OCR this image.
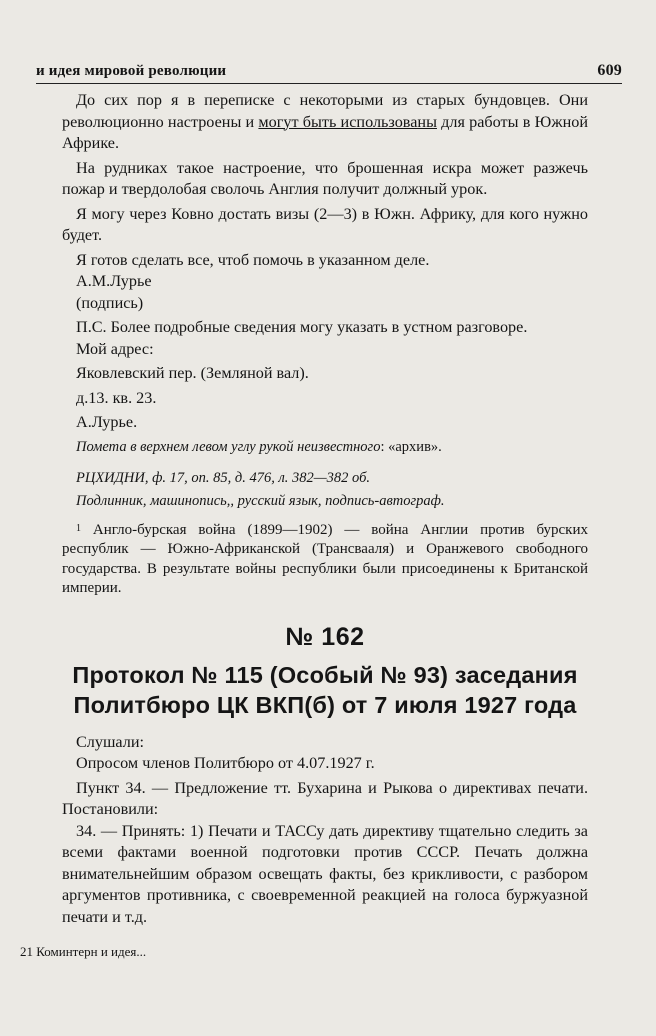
и идея мировой революции	609

До сих пор я в переписке с некоторыми из старых бундовцев. Они революционно настроены и могут быть использованы для работы в Южной Африке.

На рудниках такое настроение, что брошенная искра может разжечь пожар и твердолобая сволочь Англия получит должный урок.

Я могу через Ковно достать визы (2—3) в Южн. Африку, для кого нужно будет.

Я готов сделать все, чтоб помочь в указанном деле.

А.М.Лурье

(подпись)

П.С. Более подробные сведения могу указать в устном разговоре.

Мой адрес:

Яковлевский пер. (Земляной вал).

д.13. кв. 23.

А.Лурье.

Помета в верхнем левом углу рукой неизвестного: «архив».

РЦХИДНИ, ф. 17, оп. 85, д. 476, л. 382—382 об.

Подлинник, машинопись,, русский язык, подпись-автограф.

$^1$ Англо-бурская война (1899—1902) — война Англии против бурских республик — Южно-Африканской (Трансвааля) и Оранжевого свободного государства. В результате войны республики были присоединены к Британской империи.

№ 162
Протокол № 115 (Особый № 93) заседания Политбюро ЦК ВКП(б) от 7 июля 1927 года

Слушали:

Опросом членов Политбюро от 4.07.1927 г.

Пункт 34. — Предложение тт. Бухарина и Рыкова о директивах печати. Постановили:

34. — Принять: 1) Печати и ТАССу дать директиву тщательно следить за всеми фактами военной подготовки против СССР. Печать должна внимательнейшим образом освещать факты, без крикливости, с разбором аргументов противника, с своевременной реакцией на голоса буржуазной печати и т.д.

21 Коминтерн и идея...
